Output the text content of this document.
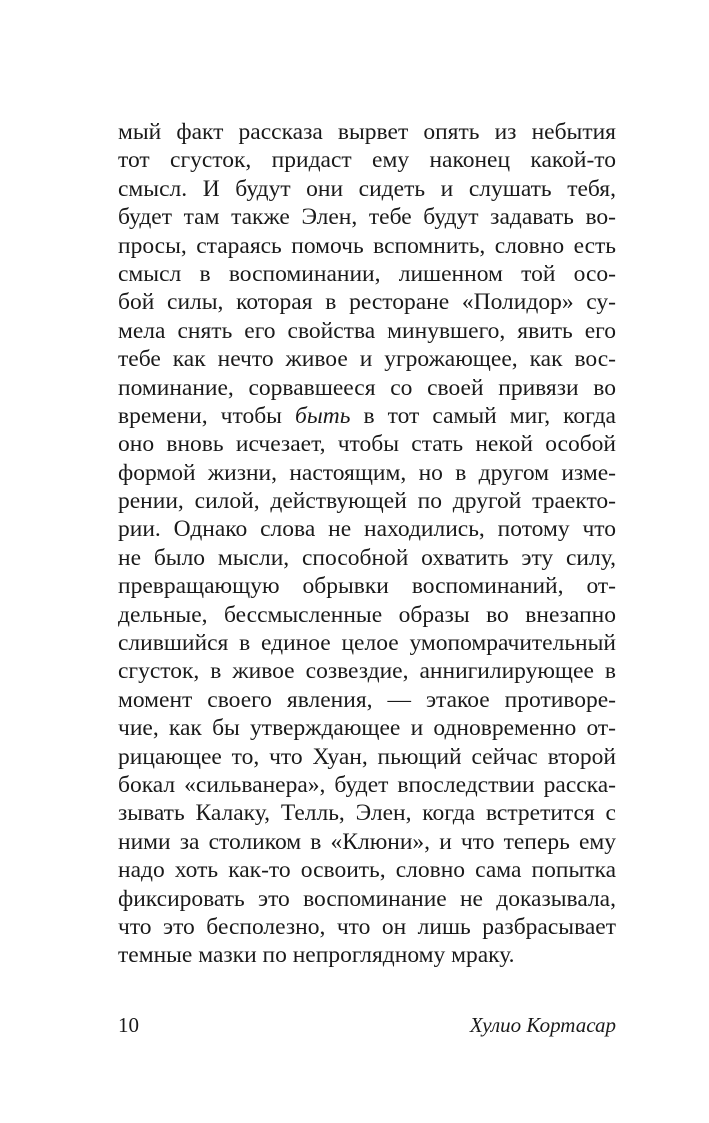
мый факт рассказа вырвет опять из небытия
тот сгусток, придаст ему наконец какой-то
смысл. И будут они сидеть и слушать тебя,
будет там также Элен, тебе будут задавать во-
просы, стараясь помочь вспомнить, словно есть
смысл в воспоминании, лишенном той осо-
бой силы, которая в ресторане «Полидор» су-
мела снять его свойства минувшего, явить его
тебе как нечто живое и угрожающее, как вос-
поминание, сорвавшееся со своей привязи во
времени, чтобы быть в тот самый миг, когда
оно вновь исчезает, чтобы стать некой особой
формой жизни, настоящим, но в другом изме-
рении, силой, действующей по другой траекто-
рии. Однако слова не находились, потому что
не было мысли, способной охватить эту силу,
превращающую обрывки воспоминаний, от-
дельные, бессмысленные образы во внезапно
слившийся в единое целое умопомрачительный
сгусток, в живое созвездие, аннигилирующее в
момент своего явления, — этакое противоре-
чие, как бы утверждающее и одновременно от-
рицающее то, что Хуан, пьющий сейчас второй
бокал «сильванера», будет впоследствии расска-
зывать Калаку, Телль, Элен, когда встретится с
ними за столиком в «Клюни», и что теперь ему
надо хоть как-то освоить, словно сама попытка
фиксировать это воспоминание не доказывала,
что это бесполезно, что он лишь разбрасывает
темные мазки по непроглядному мраку.
10	Хулио Кортасар
